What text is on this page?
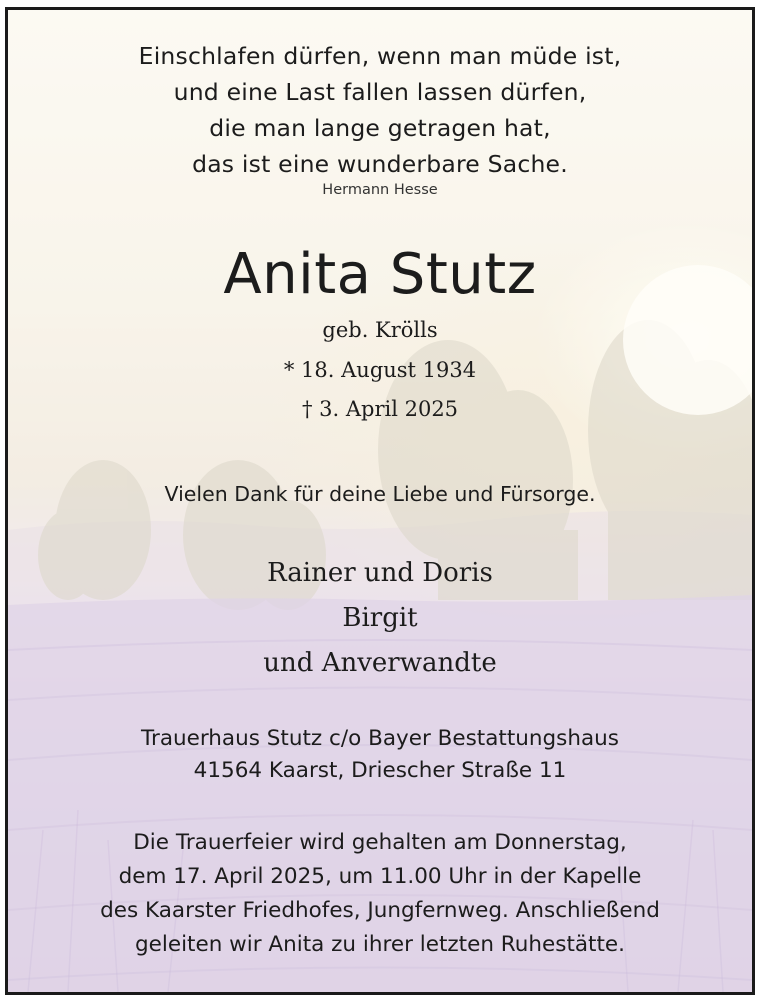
Einschlafen dürfen, wenn man müde ist,
und eine Last fallen lassen dürfen,
die man lange getragen hat,
das ist eine wunderbare Sache.
Hermann Hesse
Anita Stutz
geb. Krölls
* 18. August 1934
† 3. April 2025
Vielen Dank für deine Liebe und Fürsorge.
Rainer und Doris
Birgit
und Anverwandte
Trauerhaus Stutz c/o Bayer Bestattungshaus
41564 Kaarst, Driescher Straße 11
Die Trauerfeier wird gehalten am Donnerstag,
dem 17. April 2025, um 11.00 Uhr in der Kapelle
des Kaarster Friedhofes, Jungfernweg. Anschließend
geleiten wir Anita zu ihrer letzten Ruhestätte.
